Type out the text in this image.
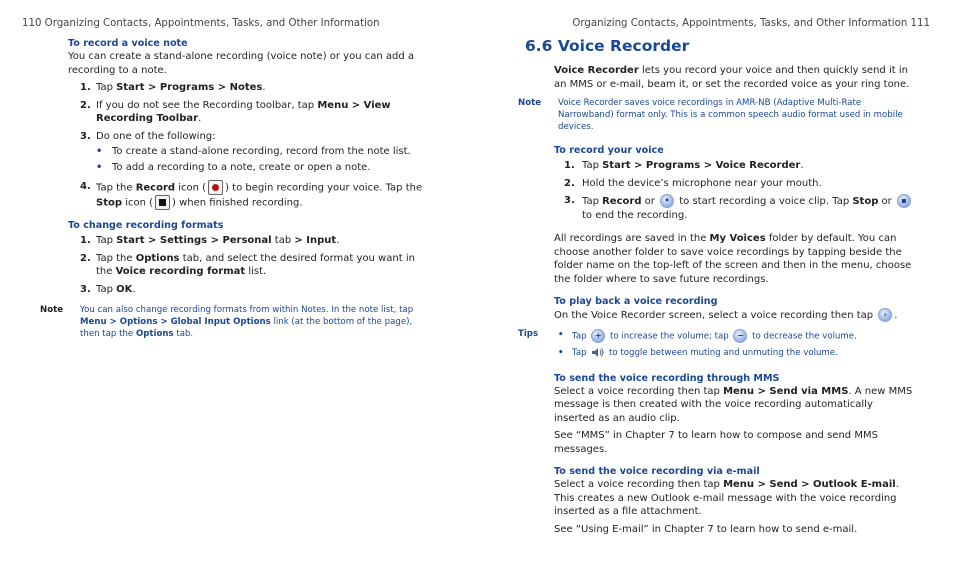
110 Organizing Contacts, Appointments, Tasks, and Other Information
To record a voice note
You can create a stand-alone recording (voice note) or you can add a recording to a note.
1. Tap Start > Programs > Notes.
2. If you do not see the Recording toolbar, tap Menu > View Recording Toolbar.
3. Do one of the following:
• To create a stand-alone recording, record from the note list.
• To add a recording to a note, create or open a note.
4. Tap the Record icon ( ) to begin recording your voice. Tap the Stop icon ( ) when finished recording.
To change recording formats
1. Tap Start > Settings > Personal tab > Input.
2. Tap the Options tab, and select the desired format you want in the Voice recording format list.
3. Tap OK.
Note	You can also change recording formats from within Notes. In the note list, tap Menu > Options > Global Input Options link (at the bottom of the page), then tap the Options tab.
Organizing Contacts, Appointments, Tasks, and Other Information 111
6.6 Voice Recorder
Voice Recorder lets you record your voice and then quickly send it in an MMS or e-mail, beam it, or set the recorded voice as your ring tone.
Note	Voice Recorder saves voice recordings in AMR-NB (Adaptive Multi-Rate Narrowband) format only. This is a common speech audio format used in mobile devices.
To record your voice
1. Tap Start > Programs > Voice Recorder.
2. Hold the device’s microphone near your mouth.
3. Tap Record or • to start recording a voice clip. Tap Stop or ▪
to end the recording.
All recordings are saved in the My Voices folder by default. You can choose another folder to save voice recordings by tapping beside the folder name on the top-left of the screen and then in the menu, choose the folder where to save future recordings.
To play back a voice recording
On the Voice Recorder screen, select a voice recording then tap › .
Tips	• Tap + to increase the volume; tap − to decrease the volume.
• Tap  to toggle between muting and unmuting the volume.
To send the voice recording through MMS
Select a voice recording then tap Menu > Send via MMS. A new MMS message is then created with the voice recording automatically inserted as an audio clip.
See “MMS” in Chapter 7 to learn how to compose and send MMS messages.
To send the voice recording via e-mail
Select a voice recording then tap Menu > Send > Outlook E-mail. This creates a new Outlook e-mail message with the voice recording inserted as a file attachment.
See “Using E-mail” in Chapter 7 to learn how to send e-mail.
